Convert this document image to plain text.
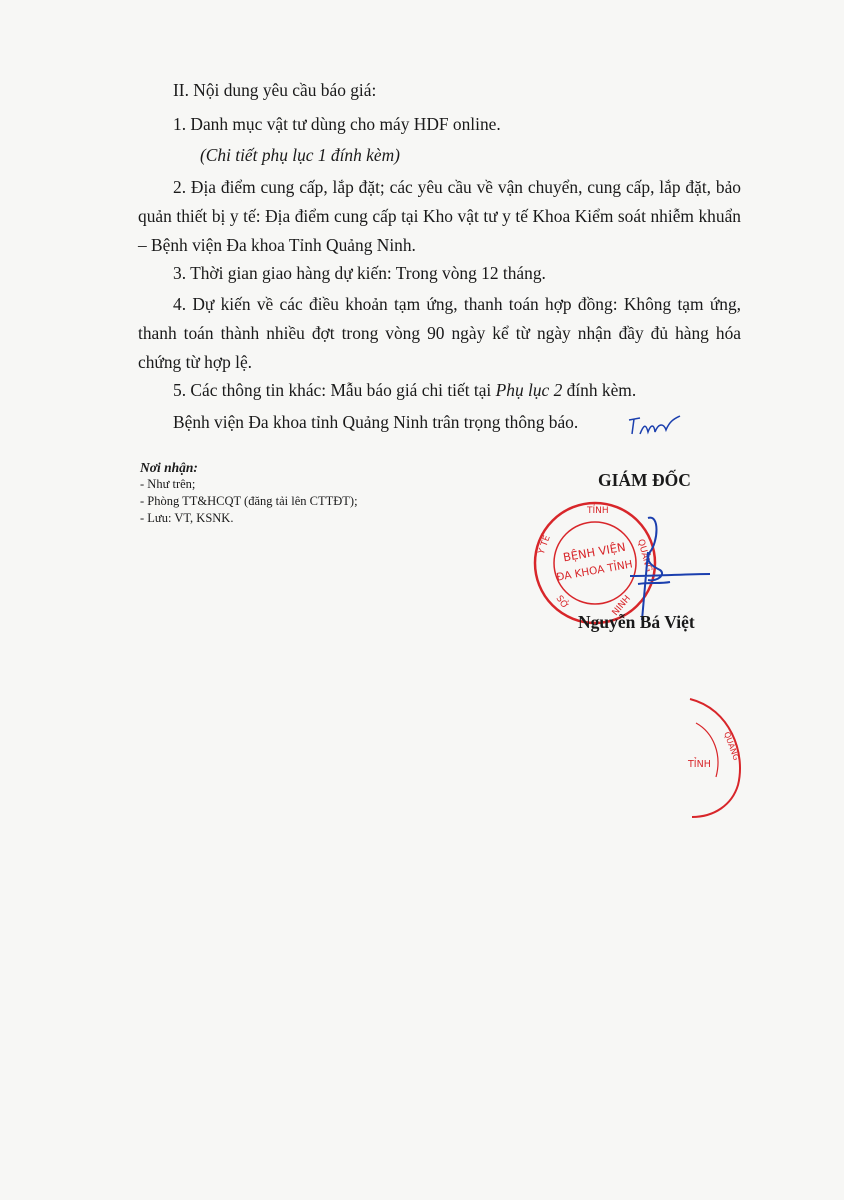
II. Nội dung yêu cầu báo giá:
1. Danh mục vật tư dùng cho máy HDF online.
(Chi tiết phụ lục 1 đính kèm)
2. Địa điểm cung cấp, lắp đặt; các yêu cầu về vận chuyển, cung cấp, lắp đặt, bảo quản thiết bị y tế: Địa điểm cung cấp tại Kho vật tư y tế Khoa Kiểm soát nhiễm khuẩn – Bệnh viện Đa khoa Tỉnh Quảng Ninh.
3. Thời gian giao hàng dự kiến: Trong vòng 12 tháng.
4. Dự kiến về các điều khoản tạm ứng, thanh toán hợp đồng: Không tạm ứng, thanh toán thành nhiều đợt trong vòng 90 ngày kể từ ngày nhận đầy đủ hàng hóa chứng từ hợp lệ.
5. Các thông tin khác: Mẫu báo giá chi tiết tại Phụ lục 2 đính kèm.
Bệnh viện Đa khoa tỉnh Quảng Ninh trân trọng thông báo.
Nơi nhận:
- Như trên;
- Phòng TT&HCQT (đăng tải lên CTTĐT);
- Lưu: VT, KSNK.
GIÁM ĐỐC
TỈNH
Y TẾ	QUẢNG
SỞ	NINH
BỆNH VIỆN
ĐA KHOA TỈNH
Nguyễn Bá Việt
QUẢNG
TỈNH
